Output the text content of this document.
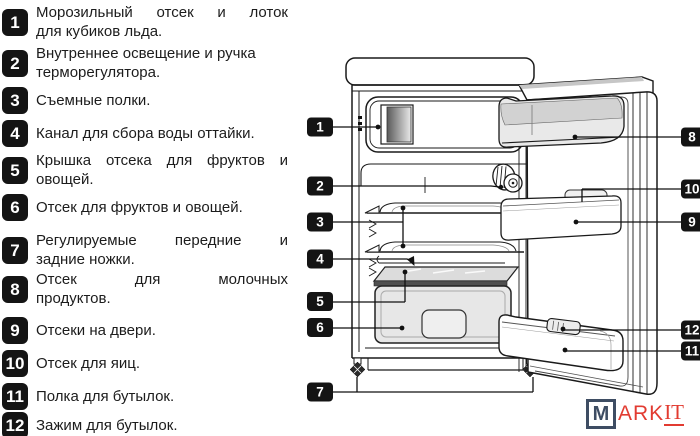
1	Морозильный отсек и лоток
для кубиков льда.
2	Внутреннее освещение и ручка
терморегулятора.
3	Съемные полки.
4	Канал для сбора воды оттайки.
5	Крышка отсека для фруктов и
овощей.
6	Отсек для фруктов и овощей.
7	Регулируемые передние и
задние ножки.
8	Отсек для молочных
продуктов.
9	Отсеки на двери.
10 Отсек для яиц.
11 Полка для бутылок.
12 Зажим для бутылок.
1
2
3
4
5
6
7
8
10
9
12
11
M ARK IT
